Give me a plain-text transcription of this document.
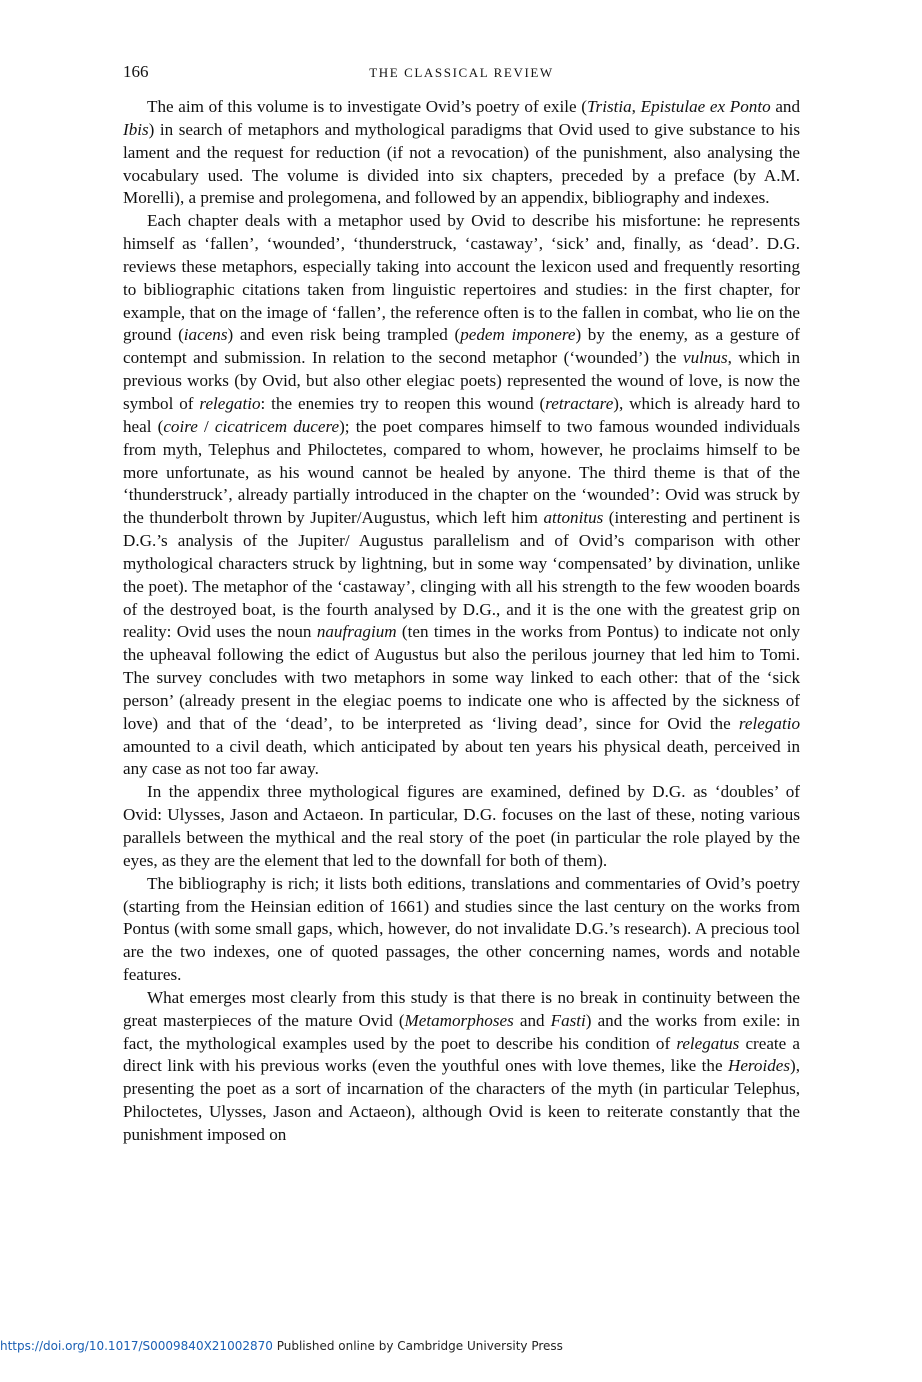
166	THE CLASSICAL REVIEW

The aim of this volume is to investigate Ovid’s poetry of exile (Tristia, Epistulae ex Ponto and Ibis) in search of metaphors and mythological paradigms that Ovid used to give substance to his lament and the request for reduction (if not a revocation) of the punishment, also analysing the vocabulary used. The volume is divided into six chapters, preceded by a preface (by A.M. Morelli), a premise and prolegomena, and followed by an appendix, bibliography and indexes.

Each chapter deals with a metaphor used by Ovid to describe his misfortune: he represents himself as ‘fallen’, ‘wounded’, ‘thunderstruck, ‘castaway’, ‘sick’ and, finally, as ‘dead’. D.G. reviews these metaphors, especially taking into account the lexicon used and frequently resorting to bibliographic citations taken from linguistic repertoires and studies: in the first chapter, for example, that on the image of ‘fallen’, the reference often is to the fallen in combat, who lie on the ground (iacens) and even risk being trampled (pedem imponere) by the enemy, as a gesture of contempt and submission. In relation to the second metaphor (‘wounded’) the vulnus, which in previous works (by Ovid, but also other elegiac poets) represented the wound of love, is now the symbol of relegatio: the enemies try to reopen this wound (retractare), which is already hard to heal (coire / cicatricem ducere); the poet compares himself to two famous wounded individuals from myth, Telephus and Philoctetes, compared to whom, however, he proclaims himself to be more unfortunate, as his wound cannot be healed by anyone. The third theme is that of the ‘thunderstruck’, already partially introduced in the chapter on the ‘wounded’: Ovid was struck by the thunderbolt thrown by Jupiter/Augustus, which left him attonitus (interesting and pertinent is D.G.’s analysis of the Jupiter/ Augustus parallelism and of Ovid’s comparison with other mythological characters struck by lightning, but in some way ‘compensated’ by divination, unlike the poet). The metaphor of the ‘castaway’, clinging with all his strength to the few wooden boards of the destroyed boat, is the fourth analysed by D.G., and it is the one with the greatest grip on reality: Ovid uses the noun naufragium (ten times in the works from Pontus) to indicate not only the upheaval following the edict of Augustus but also the perilous journey that led him to Tomi. The survey concludes with two metaphors in some way linked to each other: that of the ‘sick person’ (already present in the elegiac poems to indicate one who is affected by the sickness of love) and that of the ‘dead’, to be interpreted as ‘living dead’, since for Ovid the relegatio amounted to a civil death, which anticipated by about ten years his physical death, perceived in any case as not too far away.

In the appendix three mythological figures are examined, defined by D.G. as ‘doubles’ of Ovid: Ulysses, Jason and Actaeon. In particular, D.G. focuses on the last of these, noting various parallels between the mythical and the real story of the poet (in particular the role played by the eyes, as they are the element that led to the downfall for both of them).

The bibliography is rich; it lists both editions, translations and commentaries of Ovid’s poetry (starting from the Heinsian edition of 1661) and studies since the last century on the works from Pontus (with some small gaps, which, however, do not invalidate D.G.’s research). A precious tool are the two indexes, one of quoted passages, the other concerning names, words and notable features.

What emerges most clearly from this study is that there is no break in continuity between the great masterpieces of the mature Ovid (Metamorphoses and Fasti) and the works from exile: in fact, the mythological examples used by the poet to describe his condition of relegatus create a direct link with his previous works (even the youthful ones with love themes, like the Heroides), presenting the poet as a sort of incarnation of the characters of the myth (in particular Telephus, Philoctetes, Ulysses, Jason and Actaeon), although Ovid is keen to reiterate constantly that the punishment imposed on

https://doi.org/10.1017/S0009840X21002870 Published online by Cambridge University Press
